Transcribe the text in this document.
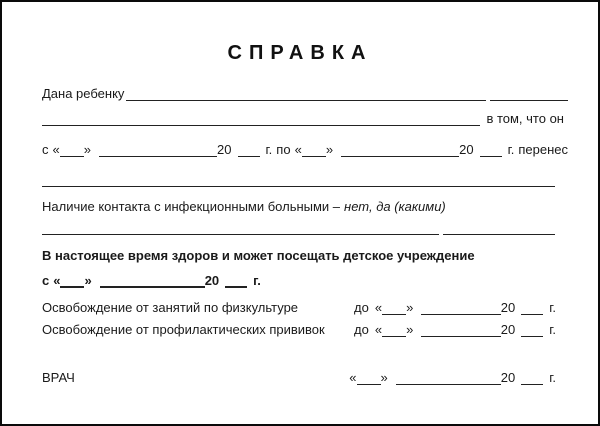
СПРАВКА
Дана ребенку
в том, что он
с « »	20	г. по « »	20	г. перенес
Наличие контакта с инфекционными больными – нет, да (какими)
В настоящее время здоров и может посещать детское учреждение
с « »	20	г.
Освобождение от занятий по физкультуре	до « »	20	г.
Освобождение от профилактических прививок	до « »	20	г.
ВРАЧ	« »	20	г.
